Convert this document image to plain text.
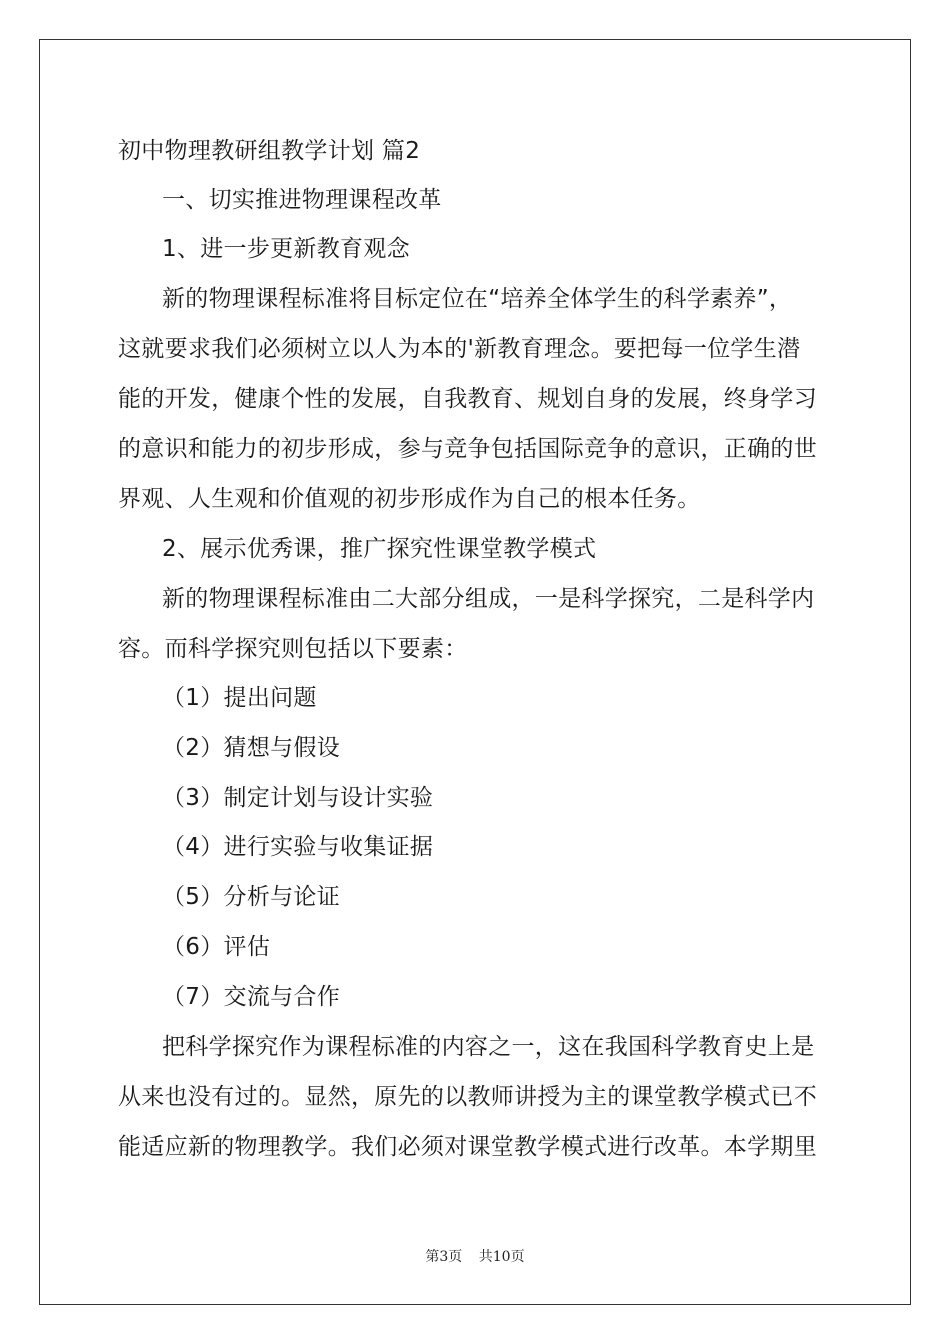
初中物理教研组教学计划 篇2
一、切实推进物理课程改革
1、进一步更新教育观念
新的物理课程标准将目标定位在“培养全体学生的科学素养”，
这就要求我们必须树立以人为本的'新教育理念。要把每一位学生潜
能的开发，健康个性的发展，自我教育、规划自身的发展，终身学习
的意识和能力的初步形成，参与竞争包括国际竞争的意识，正确的世
界观、人生观和价值观的初步形成作为自己的根本任务。
2、展示优秀课，推广探究性课堂教学模式
新的物理课程标准由二大部分组成，一是科学探究，二是科学内
容。而科学探究则包括以下要素：
（1）提出问题
（2）猜想与假设
（3）制定计划与设计实验
（4）进行实验与收集证据
（5）分析与论证
（6）评估
（7）交流与合作
把科学探究作为课程标准的内容之一，这在我国科学教育史上是
从来也没有过的。显然，原先的以教师讲授为主的课堂教学模式已不
能适应新的物理教学。我们必须对课堂教学模式进行改革。本学期里
第3页 共10页
